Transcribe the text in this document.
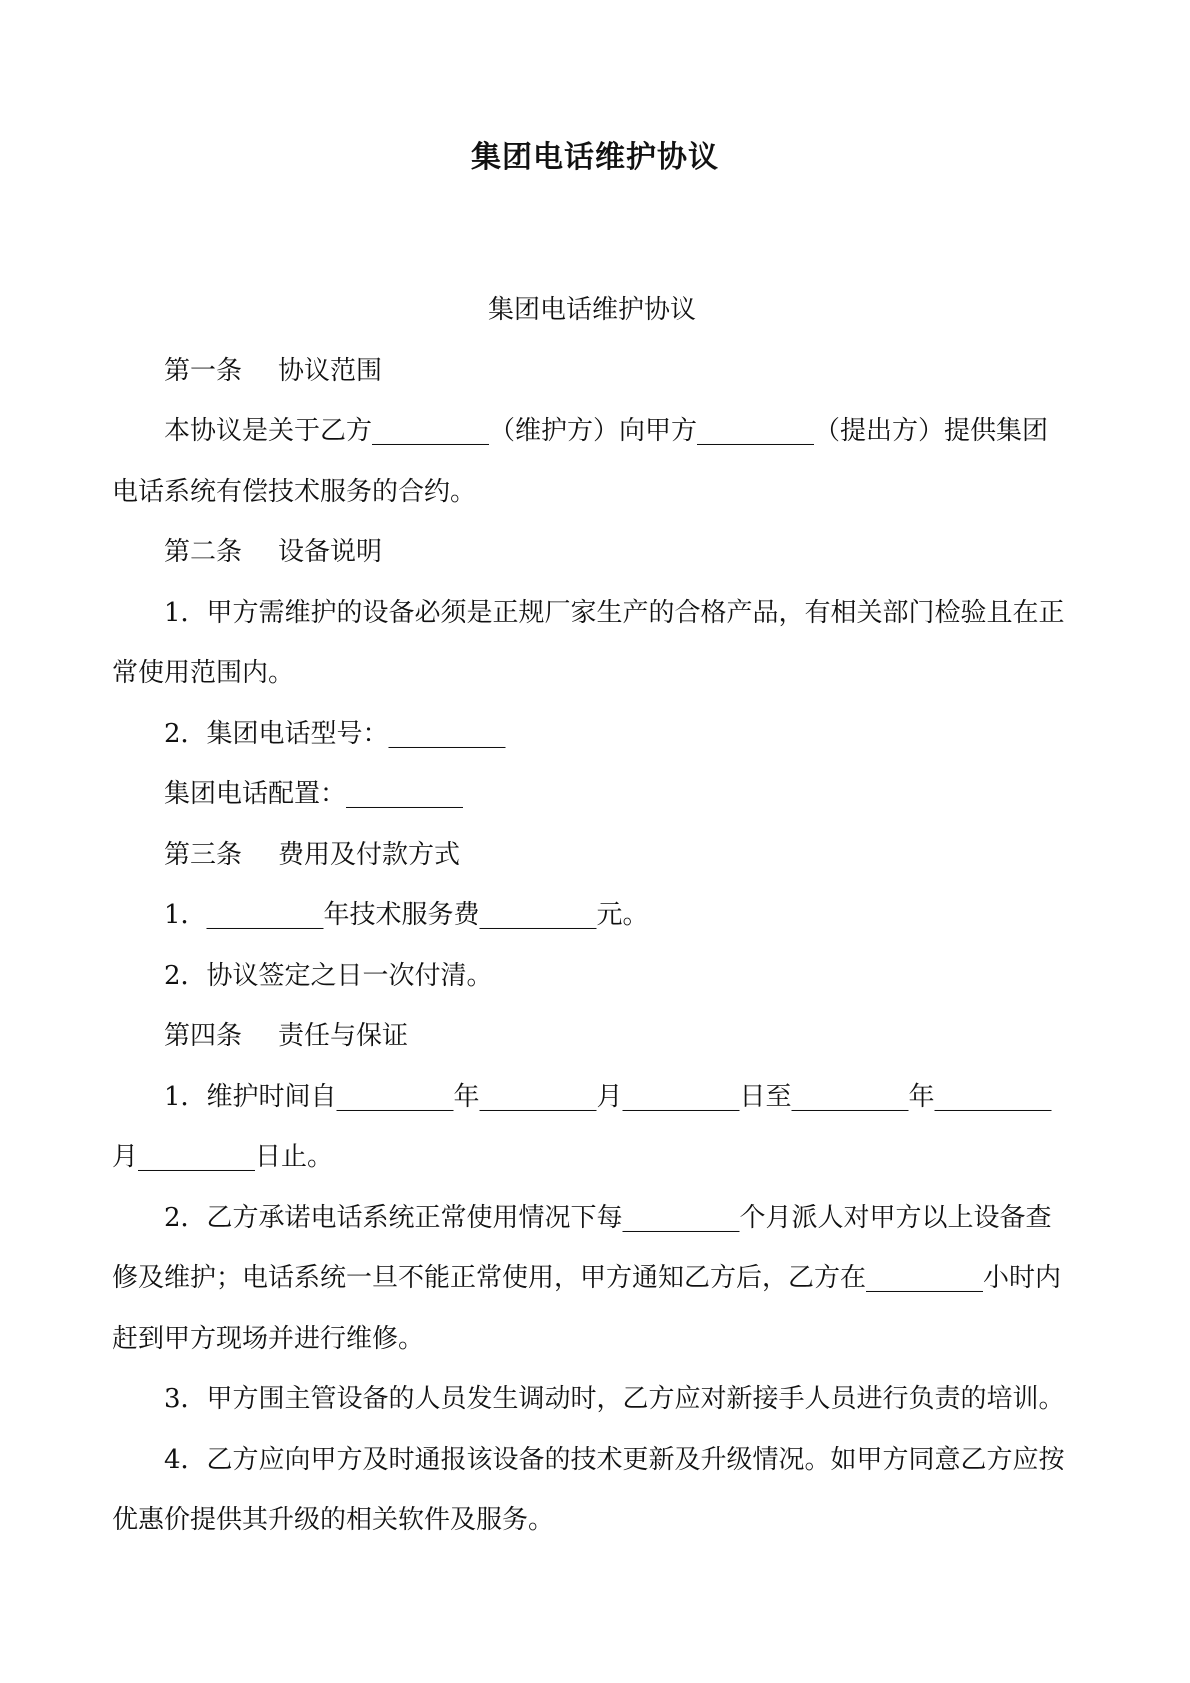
集团电话维护协议

集团电话维护协议

第一条 协议范围

本协议是关于乙方_________（维护方）向甲方_________（提出方）提供集团电话系统有偿技术服务的合约。

第二条 设备说明

1．甲方需维护的设备必须是正规厂家生产的合格产品，有相关部门检验且在正常使用范围内。

2．集团电话型号：_________

集团电话配置：_________

第三条 费用及付款方式

1．_________年技术服务费_________元。

2．协议签定之日一次付清。

第四条 责任与保证

1．维护时间自_________年_________月_________日至_________年_________月_________日止。

2．乙方承诺电话系统正常使用情况下每_________个月派人对甲方以上设备查修及维护；电话系统一旦不能正常使用，甲方通知乙方后，乙方在_________小时内赶到甲方现场并进行维修。

3．甲方围主管设备的人员发生调动时，乙方应对新接手人员进行负责的培训。

4．乙方应向甲方及时通报该设备的技术更新及升级情况。如甲方同意乙方应按优惠价提供其升级的相关软件及服务。
